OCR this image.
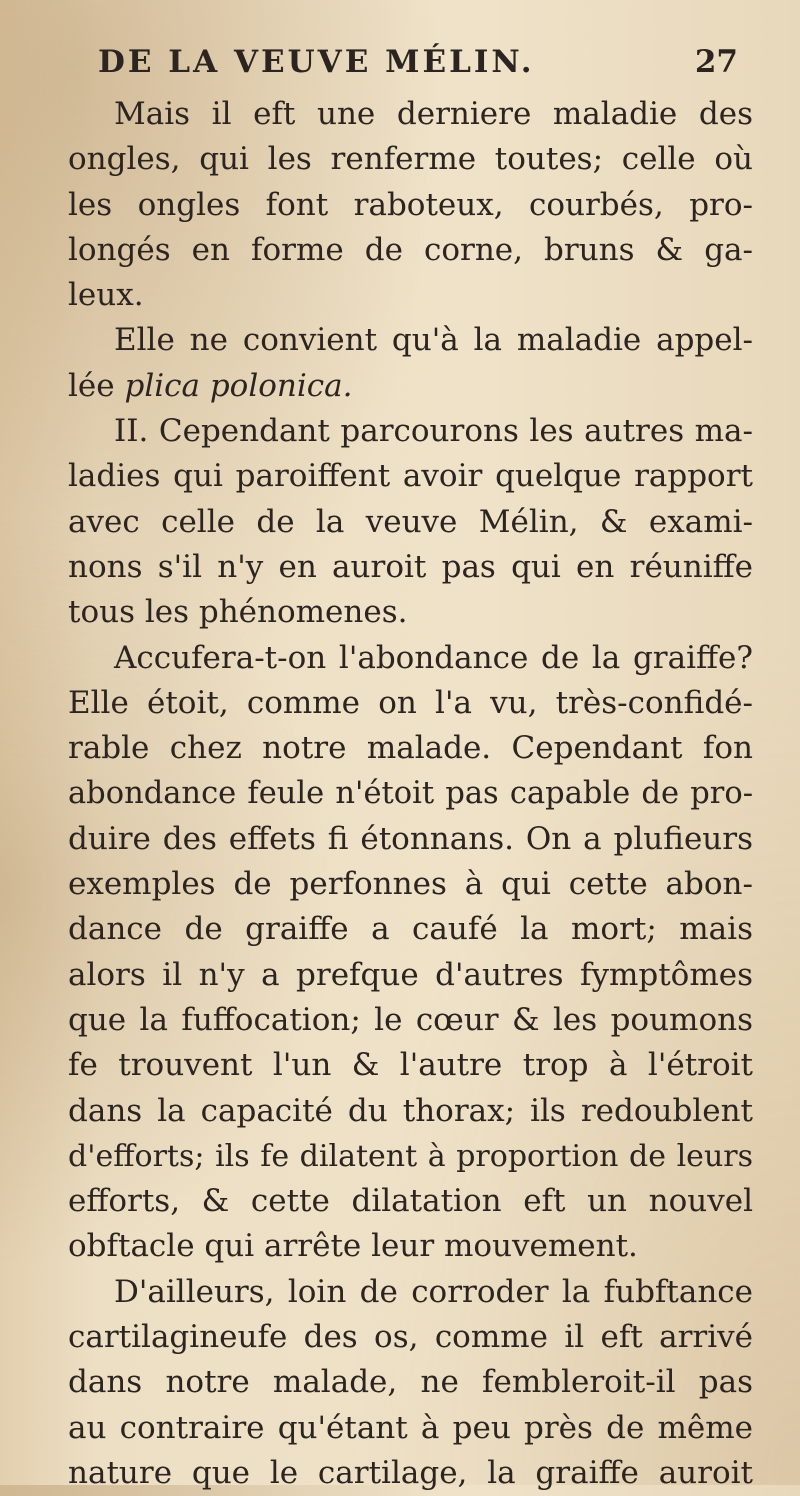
DE LA VEUVE MÉLIN.	27
Mais il eft une derniere maladie des
ongles, qui les renferme toutes; celle où
les ongles font raboteux, courbés, pro-
longés en forme de corne, bruns & ga-
leux.
Elle ne convient qu'à la maladie appel-
lée plica polonica.
II. Cependant parcourons les autres ma-
ladies qui paroiffent avoir quelque rapport
avec celle de la veuve Mélin, & exami-
nons s'il n'y en auroit pas qui en réuniffe
tous les phénomenes.
Accufera-t-on l'abondance de la graiffe?
Elle étoit, comme on l'a vu, très-confidé-
rable chez notre malade. Cependant fon
abondance feule n'étoit pas capable de pro-
duire des effets fi étonnans. On a plufieurs
exemples de perfonnes à qui cette abon-
dance de graiffe a caufé la mort; mais
alors il n'y a prefque d'autres fymptômes
que la fuffocation; le cœur & les poumons
fe trouvent l'un & l'autre trop à l'étroit
dans la capacité du thorax; ils redoublent
d'efforts; ils fe dilatent à proportion de leurs
efforts, & cette dilatation eft un nouvel
obftacle qui arrête leur mouvement.
D'ailleurs, loin de corroder la fubftance
cartilagineufe des os, comme il eft arrivé
dans notre malade, ne fembleroit-il pas
au contraire qu'étant à peu près de même
nature que le cartilage, la graiffe auroit
